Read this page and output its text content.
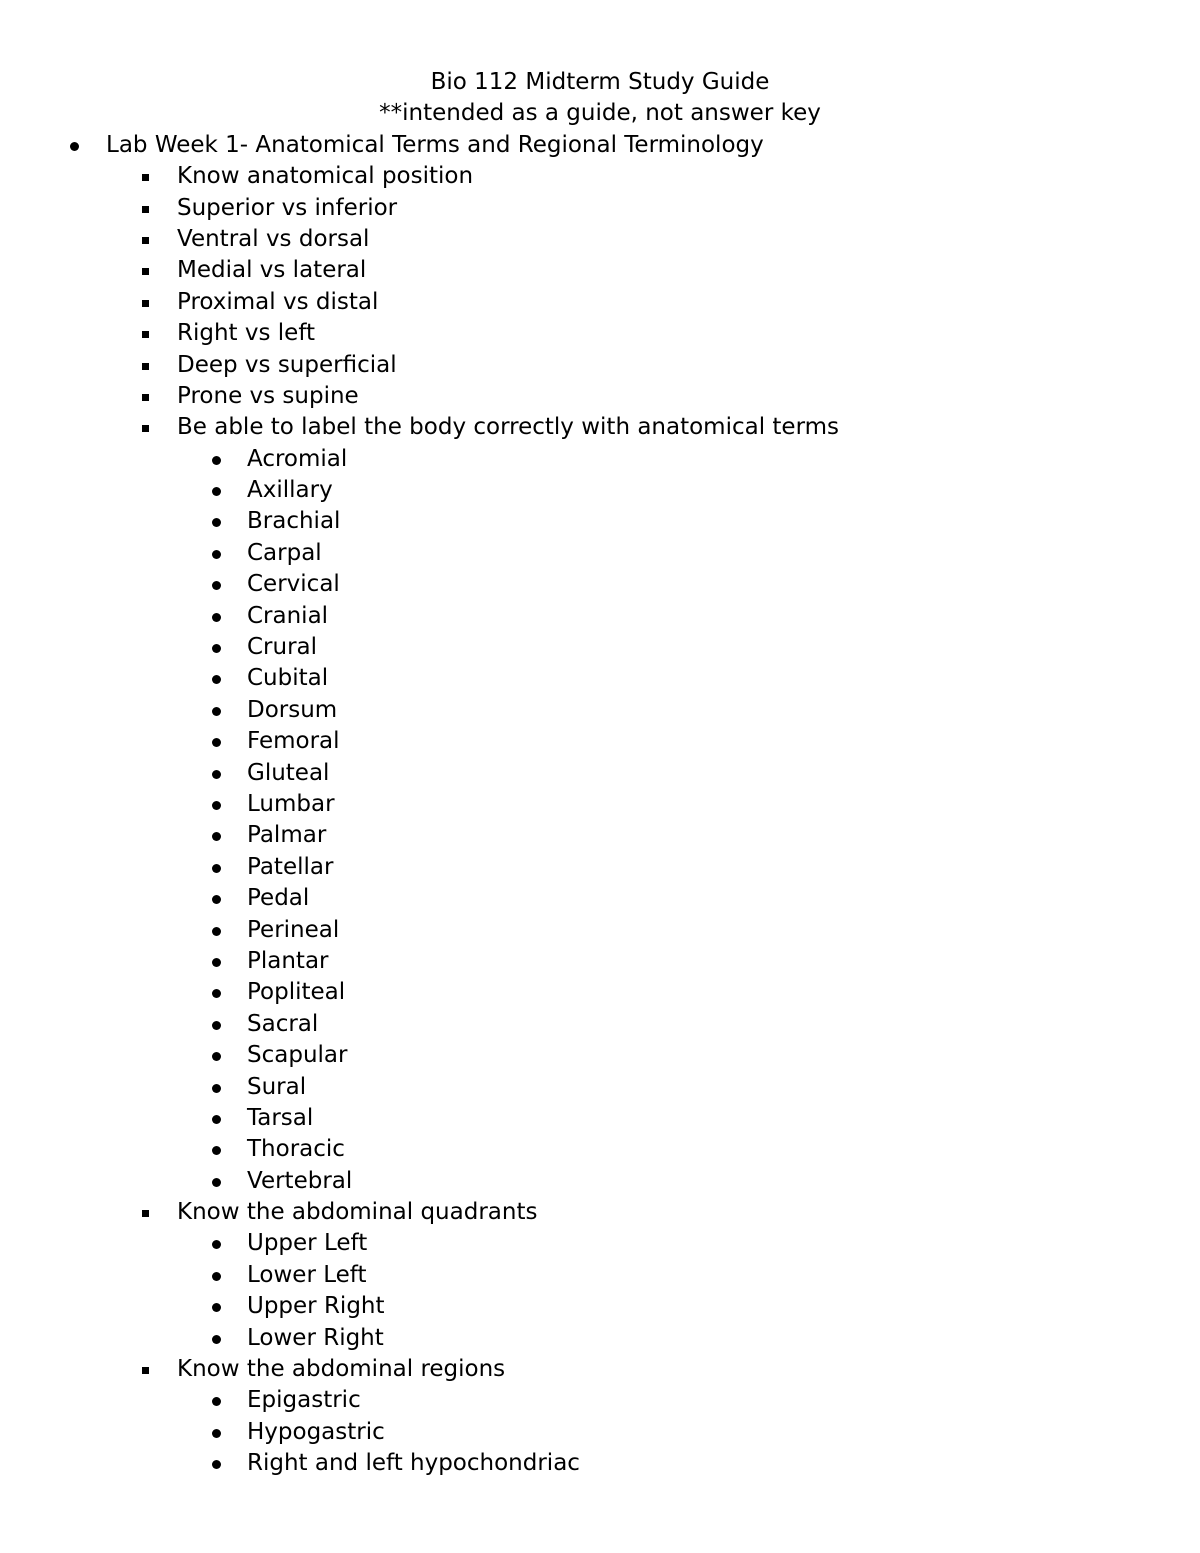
Bio 112 Midterm Study Guide
**intended as a guide, not answer key
Lab Week 1- Anatomical Terms and Regional Terminology
Know anatomical position
Superior vs inferior
Ventral vs dorsal
Medial vs lateral
Proximal vs distal
Right vs left
Deep vs superficial
Prone vs supine
Be able to label the body correctly with anatomical terms
Acromial
Axillary
Brachial
Carpal
Cervical
Cranial
Crural
Cubital
Dorsum
Femoral
Gluteal
Lumbar
Palmar
Patellar
Pedal
Perineal
Plantar
Popliteal
Sacral
Scapular
Sural
Tarsal
Thoracic
Vertebral
Know the abdominal quadrants
Upper Left
Lower Left
Upper Right
Lower Right
Know the abdominal regions
Epigastric
Hypogastric
Right and left hypochondriac
